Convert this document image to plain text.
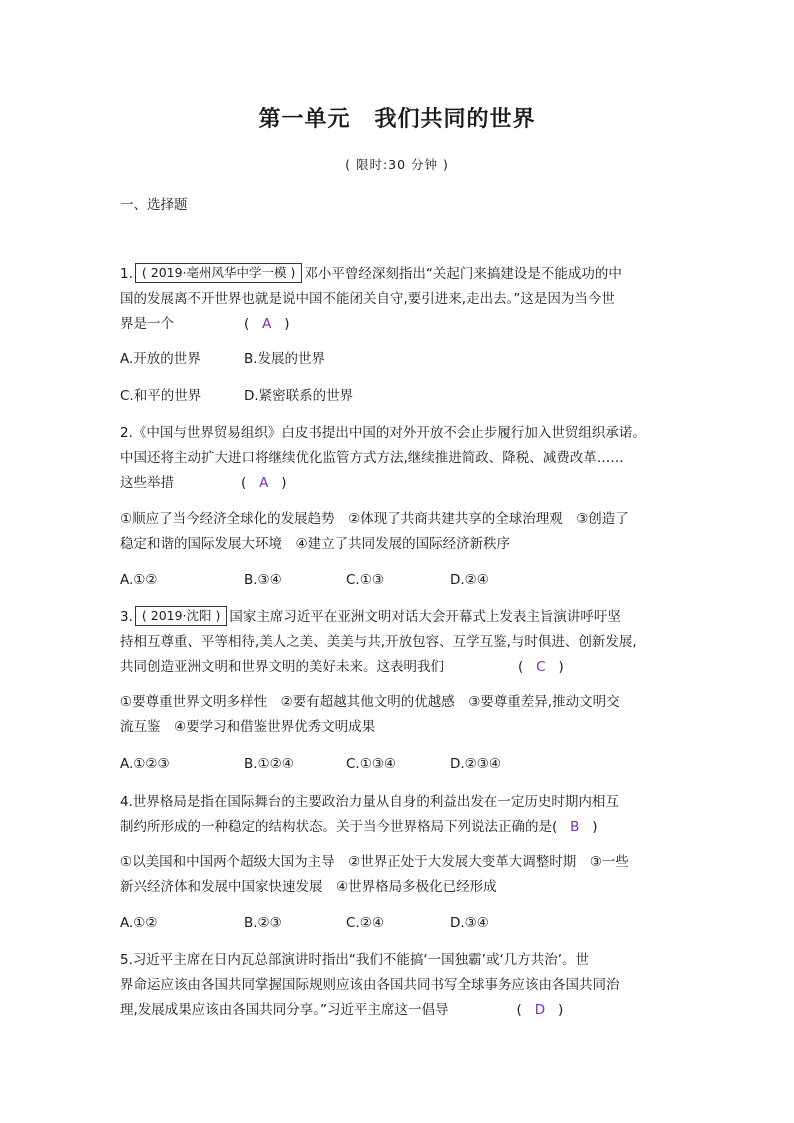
第一单元 我们共同的世界
( 限时:30 分钟 )
一、选择题
1. ( 2019·亳州风华中学一模 ) 邓小平曾经深刻指出“关起门来搞建设是不能成功的中
国的发展离不开世界也就是说中国不能闭关自守,要引进来,走出去。”这是因为当今世
界是一个	(   A   )
A.开放的世界	B.发展的世界
C.和平的世界	D.紧密联系的世界
2.《中国与世界贸易组织》白皮书提出中国的对外开放不会止步履行加入世贸组织承诺。
中国还将主动扩大进口将继续优化监管方式方法,继续推进简政、降税、减费改革……
这些举措	(   A   )
①顺应了当今经济全球化的发展趋势　②体现了共商共建共享的全球治理观　③创造了
稳定和谐的国际发展大环境　④建立了共同发展的国际经济新秩序
A.①②	B.③④	C.①③	D.②④
3. ( 2019·沈阳 ) 国家主席习近平在亚洲文明对话大会开幕式上发表主旨演讲呼吁坚
持相互尊重、平等相待,美人之美、美美与共,开放包容、互学互鉴,与时俱进、创新发展,
共同创造亚洲文明和世界文明的美好未来。这表明我们	(   C   )
①要尊重世界文明多样性　②要有超越其他文明的优越感　③要尊重差异,推动文明交
流互鉴　④要学习和借鉴世界优秀文明成果
A.①②③	B.①②④	C.①③④	D.②③④
4.世界格局是指在国际舞台的主要政治力量从自身的利益出发在一定历史时期内相互
制约所形成的一种稳定的结构状态。关于当今世界格局下列说法正确的是(   B   )
①以美国和中国两个超级大国为主导　②世界正处于大发展大变革大调整时期　③一些
新兴经济体和发展中国家快速发展　④世界格局多极化已经形成
A.①②	B.②③	C.②④	D.③④
5.习近平主席在日内瓦总部演讲时指出“我们不能搞‘一国独霸’或‘几方共治’。世
界命运应该由各国共同掌握国际规则应该由各国共同书写全球事务应该由各国共同治
理,发展成果应该由各国共同分享。”习近平主席这一倡导	(   D   )
